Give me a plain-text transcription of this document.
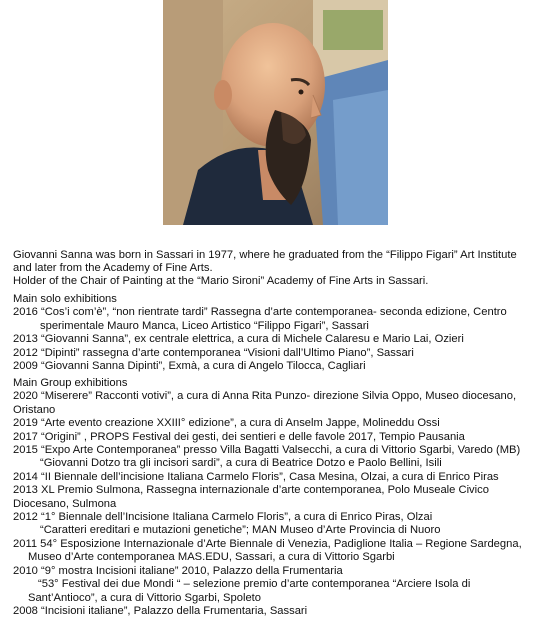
Giovanni Sanna was born in Sassari in 1977, where he graduated from the “Filippo Figari” Art Institute
and later from the Academy of Fine Arts.
Holder of the Chair of Painting at the “Mario Sironi” Academy of Fine Arts in Sassari.
Main solo exhibitions
2016 “Cos’i com’è”, “non rientrate tardi” Rassegna d’arte contemporanea- seconda edizione, Centro
sperimentale Mauro Manca, Liceo Artistico “Filippo Figari”, Sassari
2013 “Giovanni Sanna”, ex centrale elettrica, a cura di Michele Calaresu e Mario Lai, Ozieri
2012 “Dipinti” rassegna d’arte contemporanea “Visioni dall’Ultimo Piano”, Sassari
2009 “Giovanni Sanna Dipinti”, Exmà, a cura di Angelo Tilocca, Cagliari
Main Group exhibitions
2020 “Miserere” Racconti votivi”, a cura di Anna Rita Punzo- direzione Silvia Oppo, Museo diocesano,
Oristano
2019 “Arte evento creazione XXIII° edizione”, a cura di Anselm Jappe, Molineddu Ossi
2017 “Origini” , PROPS Festival dei gesti, dei sentieri e delle favole 2017, Tempio Pausania
2015 “Expo Arte Contemporanea” presso Villa Bagatti Valsecchi, a cura di Vittorio Sgarbi, Varedo (MB)
“Giovanni Dotzo tra gli incisori sardi”, a cura di Beatrice Dotzo e Paolo Bellini, Isili
2014 “II Biennale dell’incisione Italiana Carmelo Floris”, Casa Mesina, Olzai, a cura di Enrico Piras
2013 XL Premio Sulmona, Rassegna internazionale d’arte contemporanea, Polo Museale Civico
Diocesano, Sulmona
2012 “1° Biennale dell’Incisione Italiana Carmelo Floris”, a cura di Enrico Piras, Olzai
“Caratteri ereditari e mutazioni genetiche”; MAN Museo d’Arte Provincia di Nuoro
2011 54° Esposizione Internazionale d’Arte Biennale di Venezia, Padiglione Italia – Regione Sardegna,
Museo d’Arte contemporanea MAS.EDU, Sassari, a cura di Vittorio Sgarbi
2010 “9° mostra Incisioni italiane” 2010, Palazzo della Frumentaria
“53° Festival dei due Mondi “ – selezione premio d’arte contemporanea “Arciere Isola di
Sant’Antioco”, a cura di Vittorio Sgarbi, Spoleto
2008 “Incisioni italiane”, Palazzo della Frumentaria, Sassari
